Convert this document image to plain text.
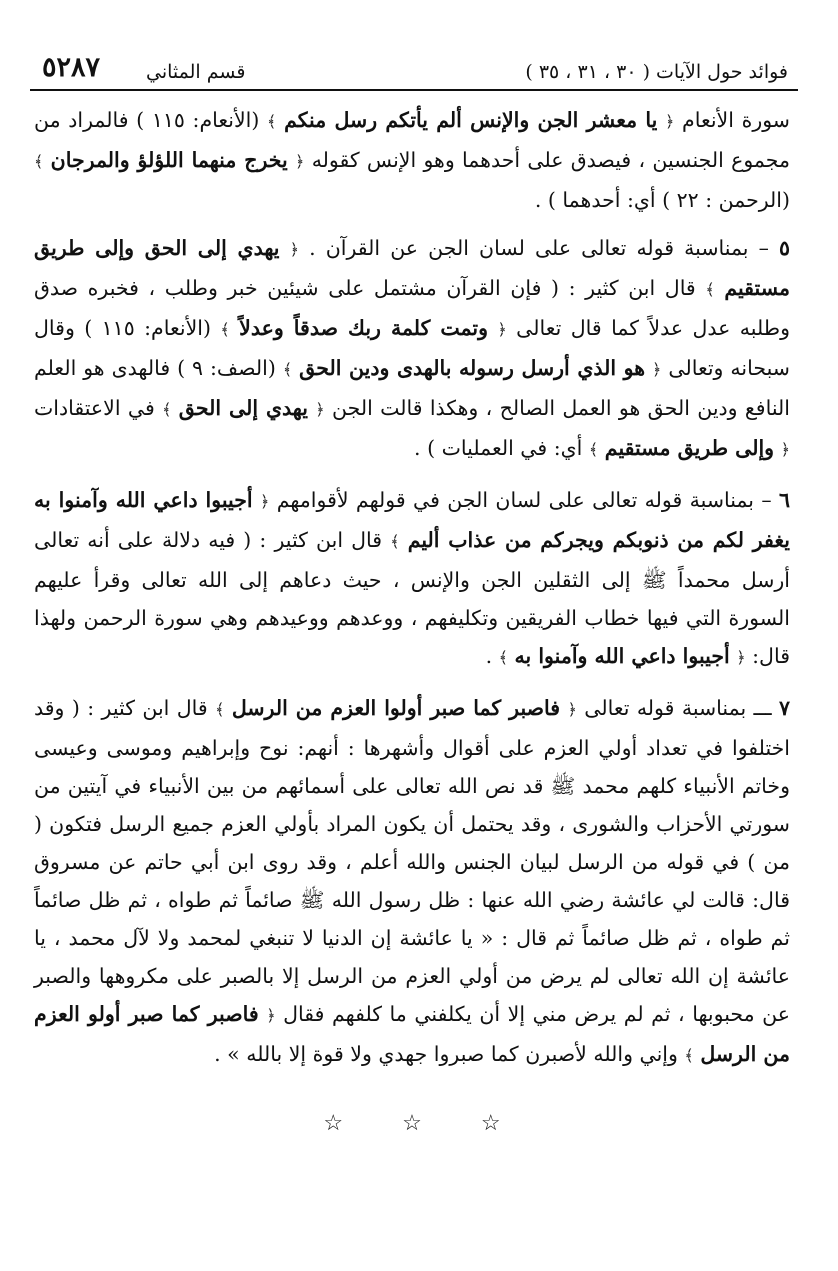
٥٢٨٧ قسم المثاني	فوائد حول الآيات ( ٣٠ ، ٣١ ، ٣٥ )

سورة الأنعام ﴿ يا معشر الجن والإنس ألم يأتكم رسل منكم ﴾ (الأنعام: ١١٥ ) فالمراد من مجموع الجنسين ، فيصدق على أحدهما وهو الإنس كقوله ﴿ يخرج منهما اللؤلؤ والمرجان ﴾ (الرحمن : ٢٢ ) أي: أحدهما ) .

٥ – بمناسبة قوله تعالى على لسان الجن عن القرآن . ﴿ يهدي إلى الحق وإلى طريق مستقيم ﴾ قال ابن كثير : ( فإن القرآن مشتمل على شيئين خبر وطلب ، فخبره صدق وطلبه عدل عدلاً كما قال تعالى ﴿ وتمت كلمة ربك صدقاً وعدلاً ﴾ (الأنعام: ١١٥ ) وقال سبحانه وتعالى ﴿ هو الذي أرسل رسوله بالهدى ودين الحق ﴾ (الصف: ٩ ) فالهدى هو العلم النافع ودين الحق هو العمل الصالح ، وهكذا قالت الجن ﴿ يهدي إلى الحق ﴾ في الاعتقادات ﴿ وإلى طريق مستقيم ﴾ أي: في العمليات ) .

٦ – بمناسبة قوله تعالى على لسان الجن في قولهم لأقوامهم ﴿ أجيبوا داعي الله وآمنوا به يغفر لكم من ذنوبكم ويجركم من عذاب أليم ﴾ قال ابن كثير : ( فيه دلالة على أنه تعالى أرسل محمداً ﷺ إلى الثقلين الجن والإنس ، حيث دعاهم إلى الله تعالى وقرأ عليهم السورة التي فيها خطاب الفريقين وتكليفهم ، ووعدهم ووعيدهم وهي سورة الرحمن ولهذا قال: ﴿ أجيبوا داعي الله وآمنوا به ﴾ .

٧ ـــ بمناسبة قوله تعالى ﴿ فاصبر كما صبر أولوا العزم من الرسل ﴾ قال ابن كثير : ( وقد اختلفوا في تعداد أولي العزم على أقوال وأشهرها : أنهم: نوح وإبراهيم وموسى وعيسى وخاتم الأنبياء كلهم محمد ﷺ قد نص الله تعالى على أسمائهم من بين الأنبياء في آيتين من سورتي الأحزاب والشورى ، وقد يحتمل أن يكون المراد بأولي العزم جميع الرسل فتكون ( من ) في قوله من الرسل لبيان الجنس والله أعلم ، وقد روى ابن أبي حاتم عن مسروق قال: قالت لي عائشة رضي الله عنها : ظل رسول الله ﷺ صائماً ثم طواه ، ثم ظل صائماً ثم طواه ، ثم ظل صائماً ثم قال : « يا عائشة إن الدنيا لا تنبغي لمحمد ولا لآل محمد ، يا عائشة إن الله تعالى لم يرض من أولي العزم من الرسل إلا بالصبر على مكروهها والصبر عن محبوبها ، ثم لم يرض مني إلا أن يكلفني ما كلفهم فقال ﴿ فاصبر كما صبر أولو العزم من الرسل ﴾ وإني والله لأصبرن كما صبروا جهدي ولا قوة إلا بالله » .

☆ ☆ ☆
